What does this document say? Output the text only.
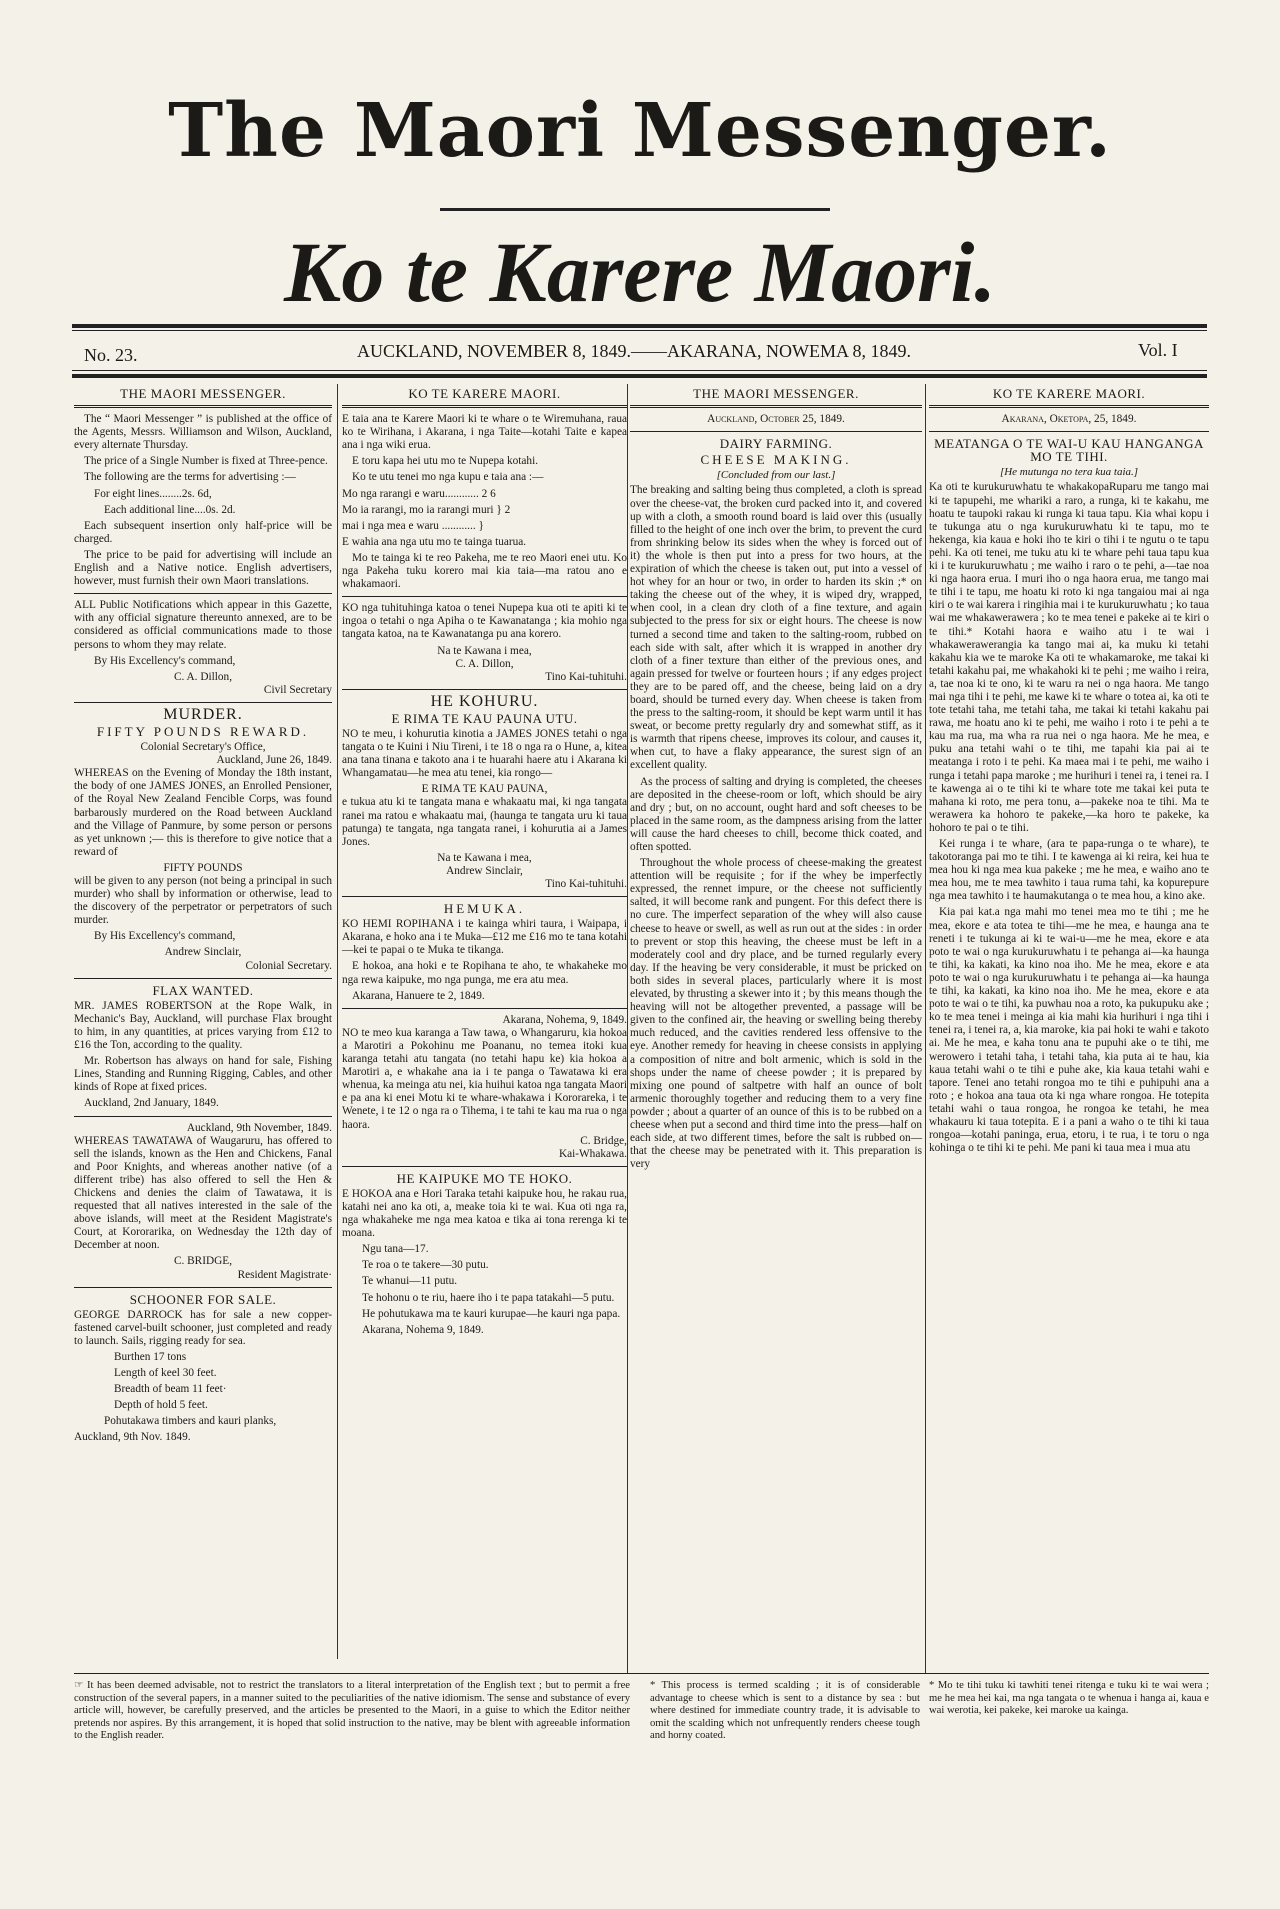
The Maori Messenger.
Ko te Karere Maori.
No. 23.	AUCKLAND, NOVEMBER 8, 1849.——AKARANA, NOWEMA 8, 1849.	Vol. I
THE MAORI MESSENGER.

The “ Maori Messenger ” is published at the office of the Agents, Messrs. Williamson and Wilson, Auckland, every alternate Thursday.

The price of a Single Number is fixed at Three-pence.

The following are the terms for advertising :—

For eight lines........2s. 6d,

Each additional line....0s. 2d.

Each subsequent insertion only half-price will be charged.

The price to be paid for advertising will include an English and a Native notice. English advertisers, however, must furnish their own Maori translations.

ALL Public Notifications which appear in this Gazette, with any official signature thereunto annexed, are to be considered as official communications made to those persons to whom they may relate.

By His Excellency's command,

C. A. Dillon,
Civil Secretary
MURDER.
FIFTY POUNDS REWARD.
Colonial Secretary's Office,
Auckland, June 26, 1849.

WHEREAS on the Evening of Monday the 18th instant, the body of one JAMES JONES, an Enrolled Pensioner, of the Royal New Zealand Fencible Corps, was found barbarously murdered on the Road between Auckland and the Village of Panmure, by some person or persons as yet unknown ;— this is therefore to give notice that a reward of

FIFTY POUNDS

will be given to any person (not being a principal in such murder) who shall by information or otherwise, lead to the discovery of the perpetrator or perpetrators of such murder.

By His Excellency's command,

Andrew Sinclair,
Colonial Secretary.
FLAX WANTED.

MR. JAMES ROBERTSON at the Rope Walk, in Mechanic's Bay, Auckland, will purchase Flax brought to him, in any quantities, at prices varying from £12 to £16 the Ton, according to the quality.

Mr. Robertson has always on hand for sale, Fishing Lines, Standing and Running Rigging, Cables, and other kinds of Rope at fixed prices.

Auckland, 2nd January, 1849.

Auckland, 9th November, 1849.

WHEREAS TAWATAWA of Waugaruru, has offered to sell the islands, known as the Hen and Chickens, Fanal and Poor Knights, and whereas another native (of a different tribe) has also offered to sell the Hen & Chickens and denies the claim of Tawatawa, it is requested that all natives interested in the sale of the above islands, will meet at the Resident Magistrate's Court, at Kororarika, on Wednesday the 12th day of December at noon.

C. BRIDGE,
Resident Magistrate·
SCHOONER FOR SALE.

GEORGE DARROCK has for sale a new copper-fastened carvel-built schooner, just completed and ready to launch. Sails, rigging ready for sea.

Burthen 17 tons

Length of keel 30 feet.

Breadth of beam 11 feet·

Depth of hold 5 feet.

Pohutakawa timbers and kauri planks,

Auckland, 9th Nov. 1849.

KO TE KARERE MAORI.

E taia ana te Karere Maori ki te whare o te Wiremuhana, raua ko te Wirihana, i Akarana, i nga Taite—kotahi Taite e kapea ana i nga wiki erua.

E toru kapa hei utu mo te Nupepa kotahi.

Ko te utu tenei mo nga kupu e taia ana :—

Mo nga rarangi e waru............ 2 6

Mo ia rarangi, mo ia rarangi muri } 2

mai i nga mea e waru ............ }

E wahia ana nga utu mo te tainga tuarua.

Mo te tainga ki te reo Pakeha, me te reo Maori enei utu. Ko nga Pakeha tuku korero mai kia taia—ma ratou ano e whakamaori.

KO nga tuhituhinga katoa o tenei Nupepa kua oti te apiti ki te ingoa o tetahi o nga Apiha o te Kawanatanga ; kia mohio nga tangata katoa, na te Kawanatanga pu ana korero.

Na te Kawana i mea,
C. A. Dillon,
Tino Kai-tuhituhi.
HE KOHURU.
E RIMA TE KAU PAUNA UTU.

NO te meu, i kohurutia kinotia a JAMES JONES tetahi o nga tangata o te Kuini i Niu Tireni, i te 18 o nga ra o Hune, a, kitea ana tana tinana e takoto ana i te huarahi haere atu i Akarana ki Whangamatau—he mea atu tenei, kia rongo—

E RIMA TE KAU PAUNA,

e tukua atu ki te tangata mana e whakaatu mai, ki nga tangata ranei ma ratou e whakaatu mai, (haunga te tangata uru ki taua patunga) te tangata, nga tangata ranei, i kohurutia ai a James Jones.

Na te Kawana i mea,
Andrew Sinclair,
Tino Kai-tuhituhi.
HEMUKA.

KO HEMI ROPIHANA i te kainga whiri taura, i Waipapa, i Akarana, e hoko ana i te Muka—£12 me £16 mo te tana kotahi—kei te papai o te Muka te tikanga.

E hokoa, ana hoki e te Ropihana te aho, te whakaheke mo nga rewa kaipuke, mo nga punga, me era atu mea.

Akarana, Hanuere te 2, 1849.

Akarana, Nohema, 9, 1849.

NO te meo kua karanga a Taw tawa, o Whangaruru, kia hokoa a Marotiri a Pokohinu me Poananu, no temea itoki kua karanga tetahi atu tangata (no tetahi hapu ke) kia hokoa a Marotiri a, e whakahe ana ia i te panga o Tawatawa ki era whenua, ka meinga atu nei, kia huihui katoa nga tangata Maori e pa ana ki enei Motu ki te whare-whakawa i Kororareka, i te Wenete, i te 12 o nga ra o Tihema, i te tahi te kau ma rua o nga haora.

C. Bridge,
Kai-Whakawa.
HE KAIPUKE MO TE HOKO.

E HOKOA ana e Hori Taraka tetahi kaipuke hou, he rakau rua, katahi nei ano ka oti, a, meake toia ki te wai. Kua oti nga ra, nga whakaheke me nga mea katoa e tika ai tona rerenga ki te moana.

Ngu tana—17.

Te roa o te takere—30 putu.

Te whanui—11 putu.

Te hohonu o te riu, haere iho i te papa tatakahi—5 putu.

He pohutukawa ma te kauri kurupae—he kauri nga papa.

Akarana, Nohema 9, 1849.

THE MAORI MESSENGER.
Auckland, October 25, 1849.
DAIRY FARMING.
CHEESE MAKING.
[Concluded from our last.]

The breaking and salting being thus completed, a cloth is spread over the cheese-vat, the broken curd packed into it, and covered up with a cloth, a smooth round board is laid over this (usually filled to the height of one inch over the brim, to prevent the curd from shrinking below its sides when the whey is forced out of it) the whole is then put into a press for two hours, at the expiration of which the cheese is taken out, put into a vessel of hot whey for an hour or two, in order to harden its skin ;* on taking the cheese out of the whey, it is wiped dry, wrapped, when cool, in a clean dry cloth of a fine texture, and again subjected to the press for six or eight hours. The cheese is now turned a second time and taken to the salting-room, rubbed on each side with salt, after which it is wrapped in another dry cloth of a finer texture than either of the previous ones, and again pressed for twelve or fourteen hours ; if any edges project they are to be pared off, and the cheese, being laid on a dry board, should be turned every day. When cheese is taken from the press to the salting-room, it should be kept warm until it has sweat, or become pretty regularly dry and somewhat stiff, as it is warmth that ripens cheese, improves its colour, and causes it, when cut, to have a flaky appearance, the surest sign of an excellent quality.

As the process of salting and drying is completed, the cheeses are deposited in the cheese-room or loft, which should be airy and dry ; but, on no account, ought hard and soft cheeses to be placed in the same room, as the dampness arising from the latter will cause the hard cheeses to chill, become thick coated, and often spotted.

Throughout the whole process of cheese-making the greatest attention will be requisite ; for if the whey be imperfectly expressed, the rennet impure, or the cheese not sufficiently salted, it will become rank and pungent. For this defect there is no cure. The imperfect separation of the whey will also cause cheese to heave or swell, as well as run out at the sides : in order to prevent or stop this heaving, the cheese must be left in a moderately cool and dry place, and be turned regularly every day. If the heaving be very considerable, it must be pricked on both sides in several places, particularly where it is most elevated, by thrusting a skewer into it ; by this means though the heaving will not be altogether prevented, a passage will be given to the confined air, the heaving or swelling being thereby much reduced, and the cavities rendered less offensive to the eye. Another remedy for heaving in cheese consists in applying a composition of nitre and bolt armenic, which is sold in the shops under the name of cheese powder ; it is prepared by mixing one pound of saltpetre with half an ounce of bolt armenic thoroughly together and reducing them to a very fine powder ; about a quarter of an ounce of this is to be rubbed on a cheese when put a second and third time into the press—half on each side, at two different times, before the salt is rubbed on—that the cheese may be penetrated with it. This preparation is very

KO TE KARERE MAORI.
Akarana, Oketopa, 25, 1849.
MEATANGA O TE WAI-U KAU HANGANGA MO TE TIHI.
[He mutunga no tera kua taia.]

Ka oti te kurukuruwhatu te whakakopaRuparu me tango mai ki te tapupehi, me whariki a raro, a runga, ki te kakahu, me hoatu te taupoki rakau ki runga ki taua tapu. Kia whai kopu i te tukunga atu o nga kurukuruwhatu ki te tapu, mo te hekenga, kia kaua e hoki iho te kiri o tihi i te ngutu o te tapu pehi. Ka oti tenei, me tuku atu ki te whare pehi taua tapu kua ki i te kurukuruwhatu ; me waiho i raro o te pehi, a—tae noa ki nga haora erua. I muri iho o nga haora erua, me tango mai te tihi i te tapu, me hoatu ki roto ki nga tangaiou mai ai nga kiri o te wai karera i ringihia mai i te kurukuruwhatu ; ko taua wai me whakawerawera ; ko te mea tenei e pakeke ai te kiri o te tihi.* Kotahi haora e waiho atu i te wai i whakawerawerangia ka tango mai ai, ka muku ki tetahi kakahu kia we te maroke Ka oti te whakamaroke, me takai ki tetahi kakahu pai, me whakahoki ki te pehi ; me waiho i reira, a, tae noa ki te ono, ki te waru ra nei o nga haora. Me tango mai nga tihi i te pehi, me kawe ki te whare o totea ai, ka oti te tote tetahi taha, me tetahi taha, me takai ki tetahi kakahu pai rawa, me hoatu ano ki te pehi, me waiho i roto i te pehi a te kau ma rua, ma wha ra rua nei o nga haora. Me he mea, e puku ana tetahi wahi o te tihi, me tapahi kia pai ai te meatanga i roto i te pehi. Ka maea mai i te pehi, me waiho i runga i tetahi papa maroke ; me hurihuri i tenei ra, i tenei ra. I te kawenga ai o te tihi ki te whare tote me takai kei puta te mahana ki roto, me pera tonu, a—pakeke noa te tihi. Ma te werawera ka hohoro te pakeke,—ka horo te pakeke, ka hohoro te pai o te tihi.

Kei runga i te whare, (ara te papa-runga o te whare), te takotoranga pai mo te tihi. I te kawenga ai ki reira, kei hua te mea hou ki nga mea kua pakeke ; me he mea, e waiho ano te mea hou, me te mea tawhito i taua ruma tahi, ka kopurepure nga mea tawhito i te haumakutanga o te mea hou, a kino ake.

Kia pai kat.a nga mahi mo tenei mea mo te tihi ; me he mea, ekore e ata totea te tihi—me he mea, e haunga ana te reneti i te tukunga ai ki te wai-u—me he mea, ekore e ata poto te wai o nga kurukuruwhatu i te pehanga ai—ka haunga te tihi, ka kakati, ka kino noa iho. Me he mea, ekore e ata poto te wai o nga kurukuruwhatu i te pehanga ai—ka haunga te tihi, ka kakati, ka kino noa iho. Me he mea, ekore e ata poto te wai o te tihi, ka puwhau noa a roto, ka pukupuku ake ; ko te mea tenei i meinga ai kia mahi kia hurihuri i nga tihi i tenei ra, i tenei ra, a, kia maroke, kia pai hoki te wahi e takoto ai. Me he mea, e kaha tonu ana te pupuhi ake o te tihi, me werowero i tetahi taha, i tetahi taha, kia puta ai te hau, kia kaua tetahi wahi o te tihi e puhe ake, kia kaua tetahi wahi e tapore. Tenei ano tetahi rongoa mo te tihi e puhipuhi ana a roto ; e hokoa ana taua ota ki nga whare rongoa. He totepita tetahi wahi o taua rongoa, he rongoa ke tetahi, he mea whakauru ki taua totepita. E i a pani a waho o te tihi ki taua rongoa—kotahi paninga, erua, etoru, i te rua, i te toru o nga kohinga o te tihi ki te pehi. Me pani ki taua mea i mua atu

☞ It has been deemed advisable, not to restrict the translators to a literal interpretation of the English text ; but to permit a free construction of the several papers, in a manner suited to the peculiarities of the native idiomism. The sense and substance of every article will, however, be carefully preserved, and the articles be presented to the Maori, in a guise to which the Editor neither pretends nor aspires. By this arrangement, it is hoped that solid instruction to the native, may be blent with agreeable information to the English reader.
* This process is termed scalding ; it is of considerable advantage to cheese which is sent to a distance by sea : but where destined for immediate country trade, it is advisable to omit the scalding which not unfrequently renders cheese tough and horny coated.
* Mo te tihi tuku ki tawhiti tenei ritenga e tuku ki te wai wera ; me he mea hei kai, ma nga tangata o te whenua i hanga ai, kaua e wai werotia, kei pakeke, kei maroke ua kainga.
